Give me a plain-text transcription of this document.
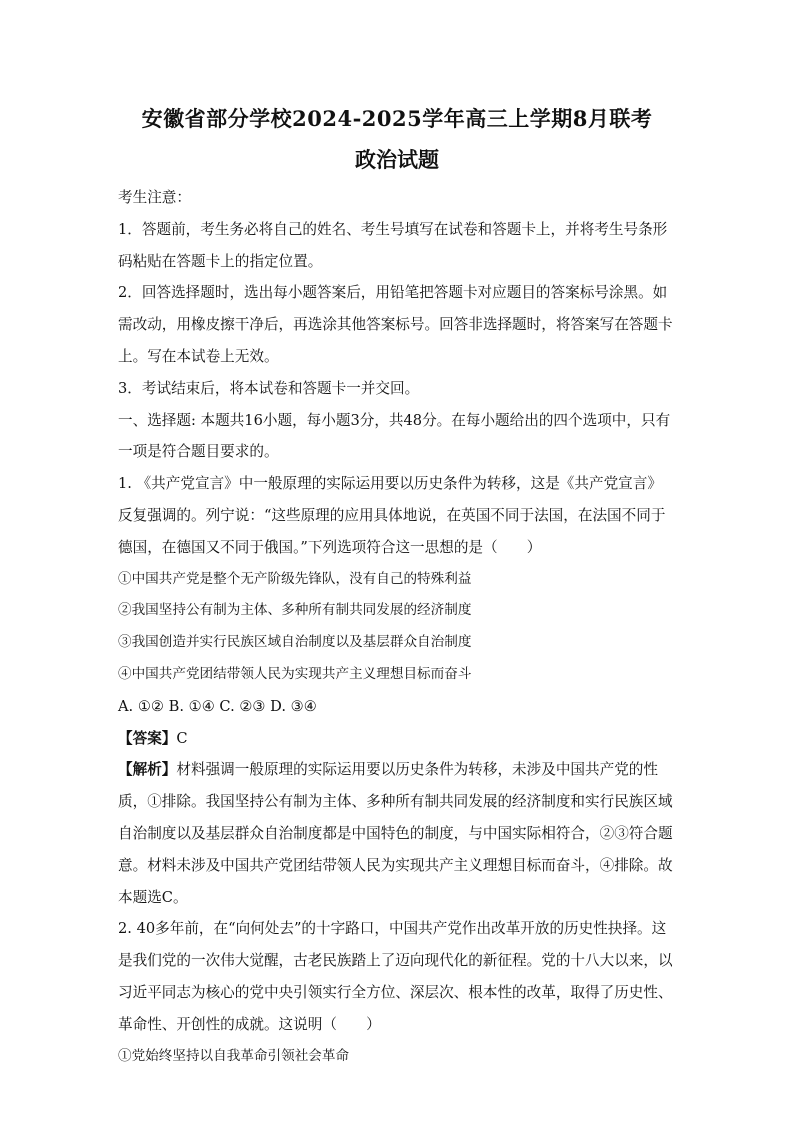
安徽省部分学校2024-2025学年高三上学期8月联考
政治试题

考生注意：

1．答题前，考生务必将自己的姓名、考生号填写在试卷和答题卡上，并将考生号条形码粘贴在答题卡上的指定位置。

2．回答选择题时，选出每小题答案后，用铅笔把答题卡对应题目的答案标号涂黑。如需改动，用橡皮擦干净后，再选涂其他答案标号。回答非选择题时，将答案写在答题卡上。写在本试卷上无效。

3．考试结束后，将本试卷和答题卡一并交回。

一、选择题: 本题共16小题，每小题3分，共48分。在每小题给出的四个选项中，只有一项是符合题目要求的。

1. 《共产党宣言》中一般原理的实际运用要以历史条件为转移，这是《共产党宣言》反复强调的。列宁说：“这些原理的应用具体地说，在英国不同于法国，在法国不同于德国，在德国又不同于俄国。”下列选项符合这一思想的是（　　）

①中国共产党是整个无产阶级先锋队，没有自己的特殊利益

②我国坚持公有制为主体、多种所有制共同发展的经济制度

③我国创造并实行民族区域自治制度以及基层群众自治制度

④中国共产党团结带领人民为实现共产主义理想目标而奋斗

A. ①② B. ①④ C. ②③ D. ③④

【答案】C

【解析】材料强调一般原理的实际运用要以历史条件为转移，未涉及中国共产党的性质，①排除。我国坚持公有制为主体、多种所有制共同发展的经济制度和实行民族区域自治制度以及基层群众自治制度都是中国特色的制度，与中国实际相符合，②③符合题意。材料未涉及中国共产党团结带领人民为实现共产主义理想目标而奋斗，④排除。故本题选C。

2. 40多年前，在“向何处去”的十字路口，中国共产党作出改革开放的历史性抉择。这是我们党的一次伟大觉醒，古老民族踏上了迈向现代化的新征程。党的十八大以来，以习近平同志为核心的党中央引领实行全方位、深层次、根本性的改革，取得了历史性、革命性、开创性的成就。这说明（　　）

①党始终坚持以自我革命引领社会革命
